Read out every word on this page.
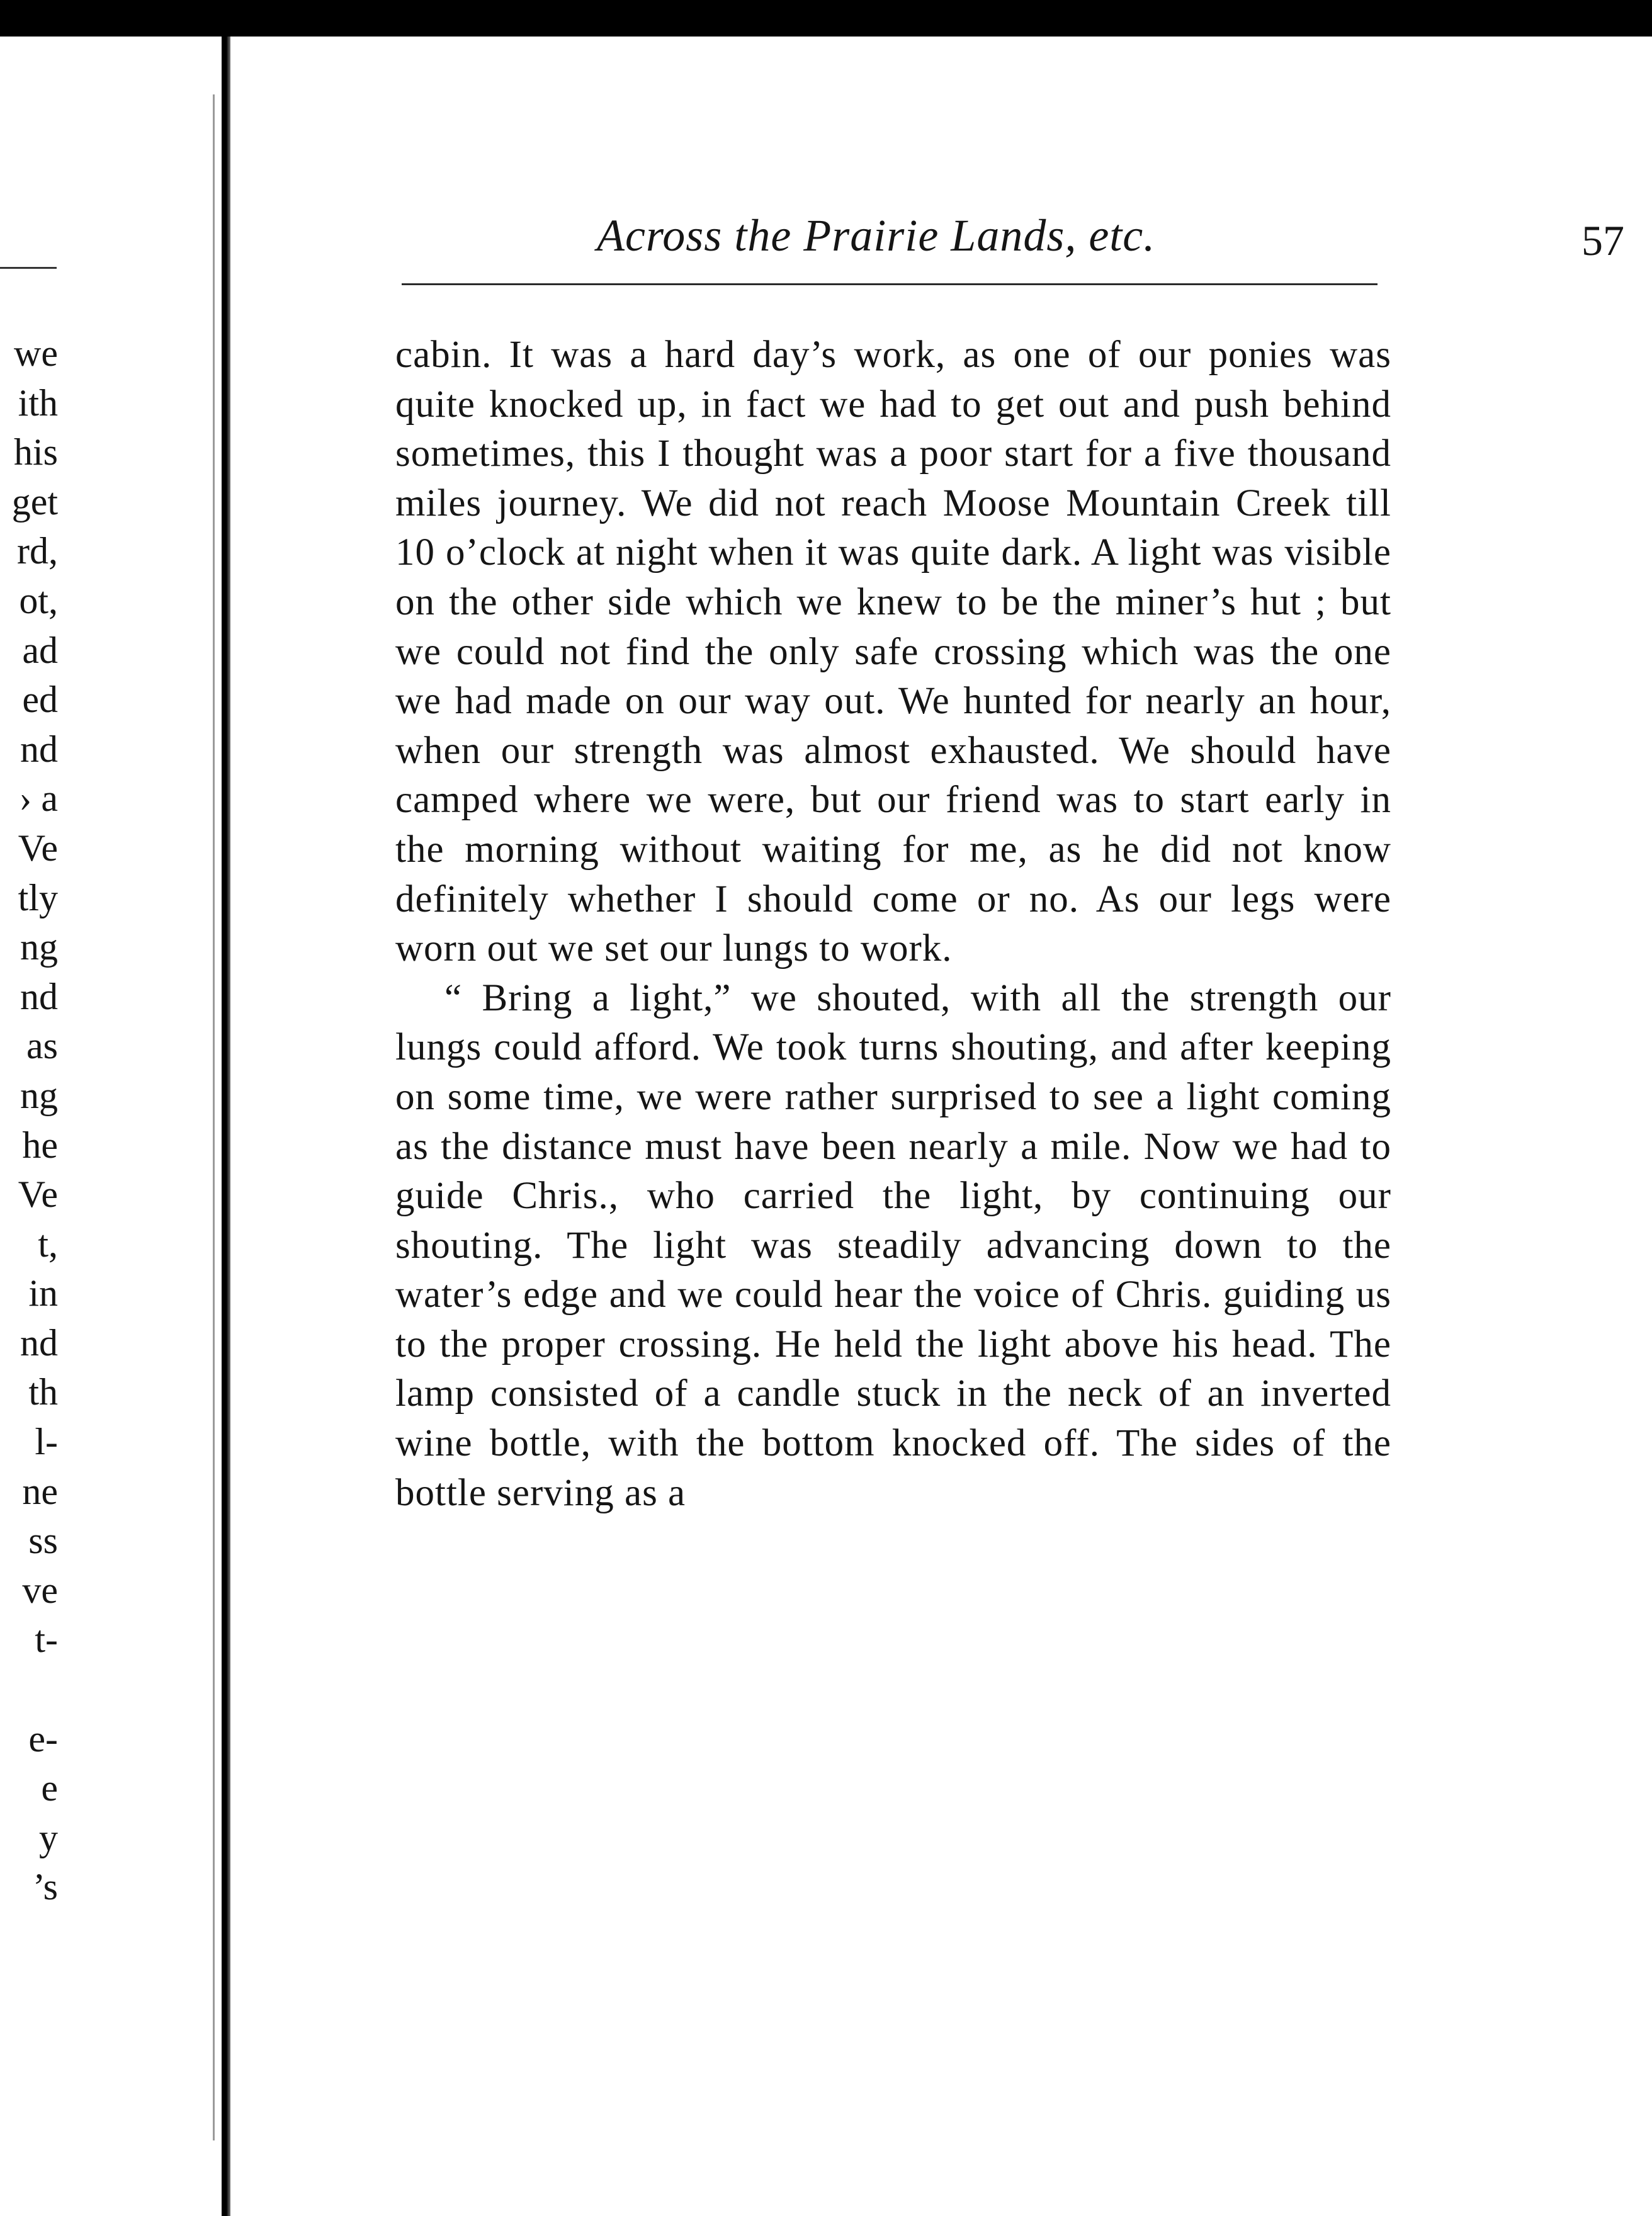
we
ith
his
get
rd,
ot,
ad
ed
nd
› a
Ve
tly
ng
nd
as
ng
he
Ve
t,
in
nd
th
l-
ne
ss
ve
t-

e-
e
y
’s
Across the Prairie Lands, etc.	57

cabin. It was a hard day’s work, as one of our ponies was quite knocked up, in fact we had to get out and push behind sometimes, this I thought was a poor start for a five thousand miles journey. We did not reach Moose Mountain Creek till 10 o’clock at night when it was quite dark. A light was visible on the other side which we knew to be the miner’s hut ; but we could not find the only safe crossing which was the one we had made on our way out. We hunted for nearly an hour, when our strength was almost exhausted. We should have camped where we were, but our friend was to start early in the morning without waiting for me, as he did not know definitely whether I should come or no. As our legs were worn out we set our lungs to work.

“ Bring a light,” we shouted, with all the strength our lungs could afford. We took turns shouting, and after keeping on some time, we were rather surprised to see a light coming as the distance must have been nearly a mile. Now we had to guide Chris., who carried the light, by continuing our shouting. The light was steadily advancing down to the water’s edge and we could hear the voice of Chris. guiding us to the proper crossing. He held the light above his head. The lamp consisted of a candle stuck in the neck of an inverted wine bottle, with the bottom knocked off. The sides of the bottle serving as a
